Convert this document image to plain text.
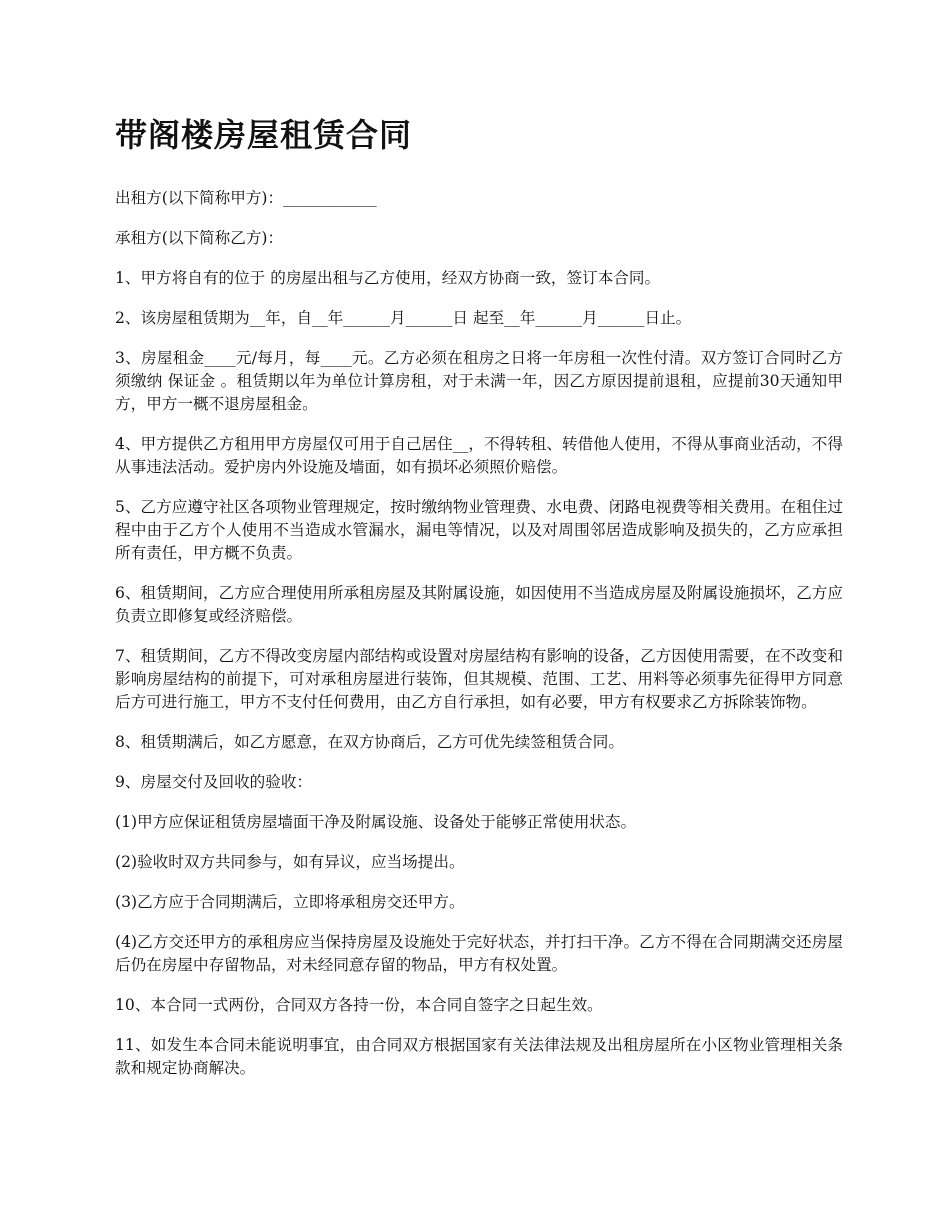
带阁楼房屋租赁合同

出租方(以下简称甲方)：____________

承租方(以下简称乙方)：

1、甲方将自有的位于 的房屋出租与乙方使用，经双方协商一致，签订本合同。

2、该房屋租赁期为__年，自__年______月______日 起至__年______月______日止。

3、房屋租金____元/每月，每____元。乙方必须在租房之日将一年房租一次性付清。双方签订合同时乙方须缴纳 保证金 。租赁期以年为单位计算房租，对于未满一年，因乙方原因提前退租，应提前30天通知甲方，甲方一概不退房屋租金。

4、甲方提供乙方租用甲方房屋仅可用于自己居住__，不得转租、转借他人使用，不得从事商业活动，不得从事违法活动。爱护房内外设施及墙面，如有损坏必须照价赔偿。

5、乙方应遵守社区各项物业管理规定，按时缴纳物业管理费、水电费、闭路电视费等相关费用。在租住过程中由于乙方个人使用不当造成水管漏水，漏电等情况，以及对周围邻居造成影响及损失的，乙方应承担所有责任，甲方概不负责。

6、租赁期间，乙方应合理使用所承租房屋及其附属设施，如因使用不当造成房屋及附属设施损坏，乙方应负责立即修复或经济赔偿。

7、租赁期间，乙方不得改变房屋内部结构或设置对房屋结构有影响的设备，乙方因使用需要，在不改变和影响房屋结构的前提下，可对承租房屋进行装饰，但其规模、范围、工艺、用料等必须事先征得甲方同意后方可进行施工，甲方不支付任何费用，由乙方自行承担，如有必要，甲方有权要求乙方拆除装饰物。

8、租赁期满后，如乙方愿意，在双方协商后，乙方可优先续签租赁合同。

9、房屋交付及回收的验收：

(1)甲方应保证租赁房屋墙面干净及附属设施、设备处于能够正常使用状态。

(2)验收时双方共同参与，如有异议，应当场提出。

(3)乙方应于合同期满后，立即将承租房交还甲方。

(4)乙方交还甲方的承租房应当保持房屋及设施处于完好状态，并打扫干净。乙方不得在合同期满交还房屋后仍在房屋中存留物品，对未经同意存留的物品，甲方有权处置。

10、本合同一式两份，合同双方各持一份，本合同自签字之日起生效。

11、如发生本合同未能说明事宜，由合同双方根据国家有关法律法规及出租房屋所在小区物业管理相关条款和规定协商解决。
